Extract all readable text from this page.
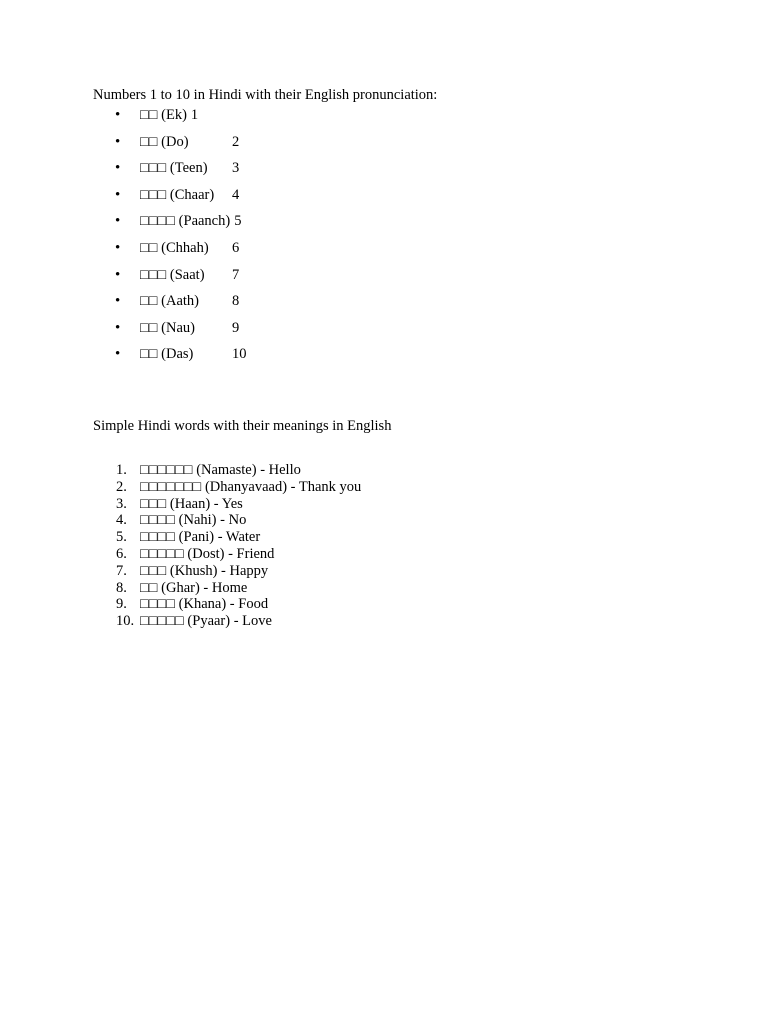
Numbers 1 to 10 in Hindi with their English pronunciation:

• □□ (Ek) 1
• □□ (Do)	2
• □□□ (Teen) 3
• □□□ (Chaar) 4
• □□□□ (Paanch) 5
• □□ (Chhah) 6
• □□□ (Saat) 7
• □□ (Aath) 8
• □□ (Nau)	9
• □□ (Das)	10

Simple Hindi words with their meanings in English

1. □□□□□□ (Namaste) - Hello
2. □□□□□□□ (Dhanyavaad) - Thank you
3. □□□ (Haan) - Yes
4. □□□□ (Nahi) - No
5. □□□□ (Pani) - Water
6. □□□□□ (Dost) - Friend
7. □□□ (Khush) - Happy
8. □□ (Ghar) - Home
9. □□□□ (Khana) - Food
10. □□□□□ (Pyaar) - Love
